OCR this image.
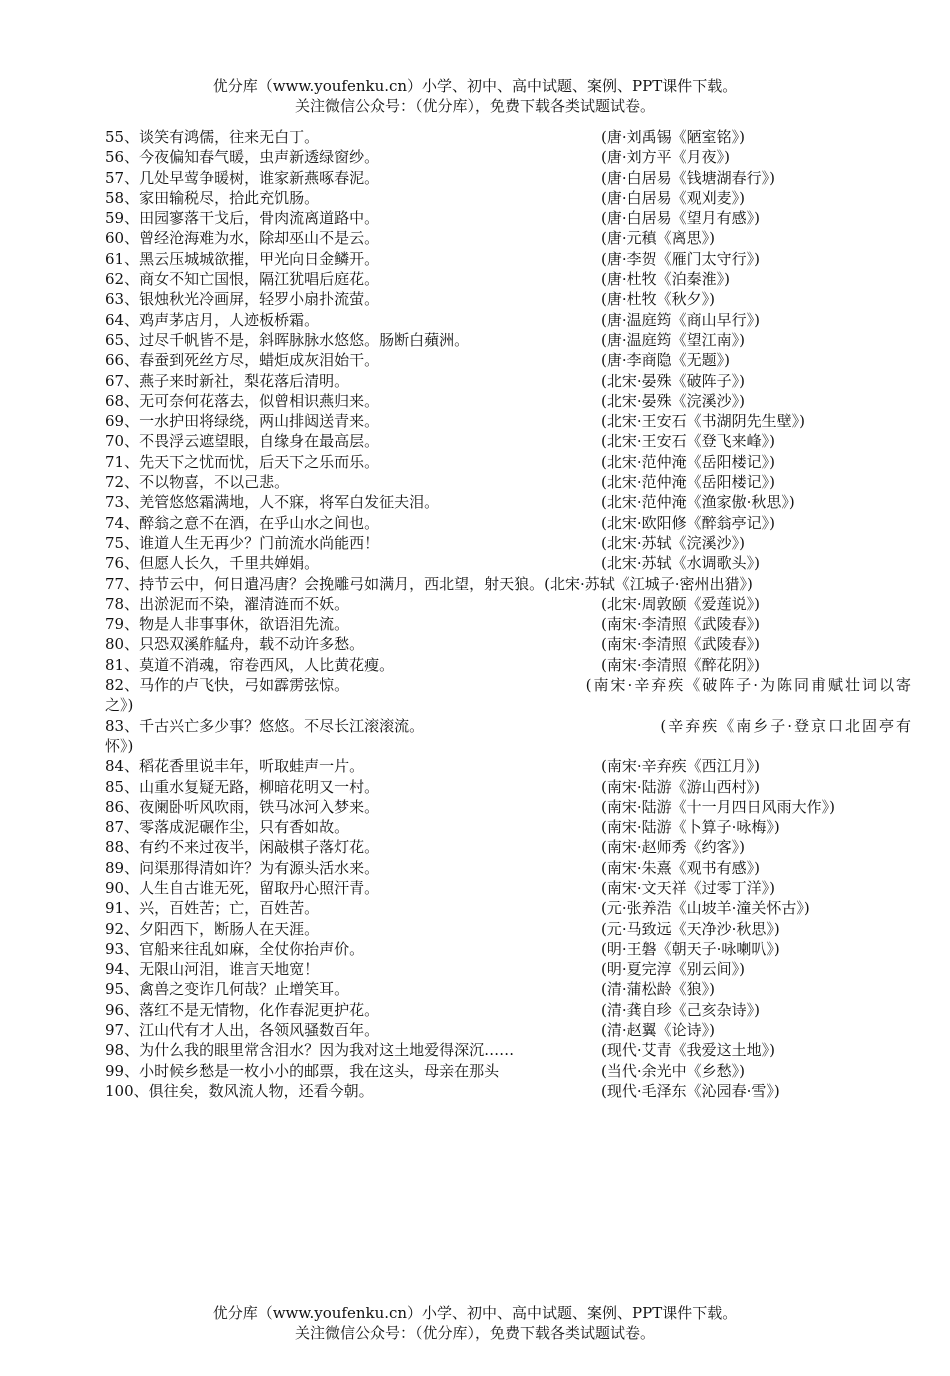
优分库（www.youfenku.cn）小学、初中、高中试题、案例、PPT课件下载。
关注微信公众号：（优分库），免费下载各类试题试卷。
55、谈笑有鸿儒，往来无白丁。	(唐·刘禹锡《陋室铭》)
56、今夜偏知春气暖，虫声新透绿窗纱。	(唐·刘方平《月夜》)
57、几处早莺争暖树，谁家新燕啄春泥。	(唐·白居易《钱塘湖春行》)
58、家田输税尽，拾此充饥肠。	(唐·白居易《观刈麦》)
59、田园寥落干戈后，骨肉流离道路中。	(唐·白居易《望月有感》)
60、曾经沧海难为水，除却巫山不是云。	(唐·元稹《离思》)
61、黑云压城城欲摧，甲光向日金鳞开。	(唐·李贺《雁门太守行》)
62、商女不知亡国恨，隔江犹唱后庭花。	(唐·杜牧《泊秦淮》)
63、银烛秋光冷画屏，轻罗小扇扑流萤。	(唐·杜牧《秋夕》)
64、鸡声茅店月，人迹板桥霜。	(唐·温庭筠《商山早行》)
65、过尽千帆皆不是，斜晖脉脉水悠悠。肠断白蘋洲。	(唐·温庭筠《望江南》)
66、春蚕到死丝方尽，蜡炬成灰泪始干。	(唐·李商隐《无题》)
67、燕子来时新社，梨花落后清明。	(北宋·晏殊《破阵子》)
68、无可奈何花落去，似曾相识燕归来。	(北宋·晏殊《浣溪沙》)
69、一水护田将绿绕，两山排闼送青来。	(北宋·王安石《书湖阴先生壁》)
70、不畏浮云遮望眼，自缘身在最高层。	(北宋·王安石《登飞来峰》)
71、先天下之忧而忧，后天下之乐而乐。	(北宋·范仲淹《岳阳楼记》)
72、不以物喜，不以己悲。	(北宋·范仲淹《岳阳楼记》)
73、羌管悠悠霜满地，人不寐，将军白发征夫泪。	(北宋·范仲淹《渔家傲·秋思》)
74、醉翁之意不在酒，在乎山水之间也。	(北宋·欧阳修《醉翁亭记》)
75、谁道人生无再少？门前流水尚能西！	(北宋·苏轼《浣溪沙》)
76、但愿人长久，千里共婵娟。	(北宋·苏轼《水调歌头》)
77、持节云中，何日遣冯唐？会挽雕弓如满月，西北望，射天狼。(北宋·苏轼《江城子·密州出猎》)
78、出淤泥而不染，濯清涟而不妖。	(北宋·周敦颐《爱莲说》)
79、物是人非事事休，欲语泪先流。	(南宋·李清照《武陵春》)
80、只恐双溪舴艋舟，载不动许多愁。	(南宋·李清照《武陵春》)
81、莫道不消魂，帘卷西风，人比黄花瘦。	(南宋·李清照《醉花阴》)
82、马作的卢飞快，弓如霹雳弦惊。	(南宋·辛弃疾《破阵子·为陈同甫赋壮词以寄
之》)
83、千古兴亡多少事？悠悠。不尽长江滚滚流。	(辛弃疾《南乡子·登京口北固亭有
怀》)
84、稻花香里说丰年，听取蛙声一片。	(南宋·辛弃疾《西江月》)
85、山重水复疑无路，柳暗花明又一村。	(南宋·陆游《游山西村》)
86、夜阑卧听风吹雨，铁马冰河入梦来。	(南宋·陆游《十一月四日风雨大作》)
87、零落成泥碾作尘，只有香如故。	(南宋·陆游《卜算子·咏梅》)
88、有约不来过夜半，闲敲棋子落灯花。	(南宋·赵师秀《约客》)
89、问渠那得清如许？为有源头活水来。	(南宋·朱熹《观书有感》)
90、人生自古谁无死，留取丹心照汗青。	(南宋·文天祥《过零丁洋》)
91、兴，百姓苦；亡，百姓苦。	(元·张养浩《山坡羊·潼关怀古》)
92、夕阳西下，断肠人在天涯。	(元·马致远《天净沙·秋思》)
93、官船来往乱如麻，全仗你抬声价。	(明·王磐《朝天子·咏喇叭》)
94、无限山河泪，谁言天地宽！	(明·夏完淳《别云间》)
95、禽兽之变诈几何哉？止增笑耳。	(清·蒲松龄《狼》)
96、落红不是无情物，化作春泥更护花。	(清·龚自珍《己亥杂诗》)
97、江山代有才人出，各领风骚数百年。	(清·赵翼《论诗》)
98、为什么我的眼里常含泪水？因为我对这土地爱得深沉……	(现代·艾青《我爱这土地》)
99、小时候乡愁是一枚小小的邮票，我在这头，母亲在那头	(当代·余光中《乡愁》)
100、俱往矣，数风流人物，还看今朝。	(现代·毛泽东《沁园春·雪》)
优分库（www.youfenku.cn）小学、初中、高中试题、案例、PPT课件下载。
关注微信公众号：（优分库），免费下载各类试题试卷。
